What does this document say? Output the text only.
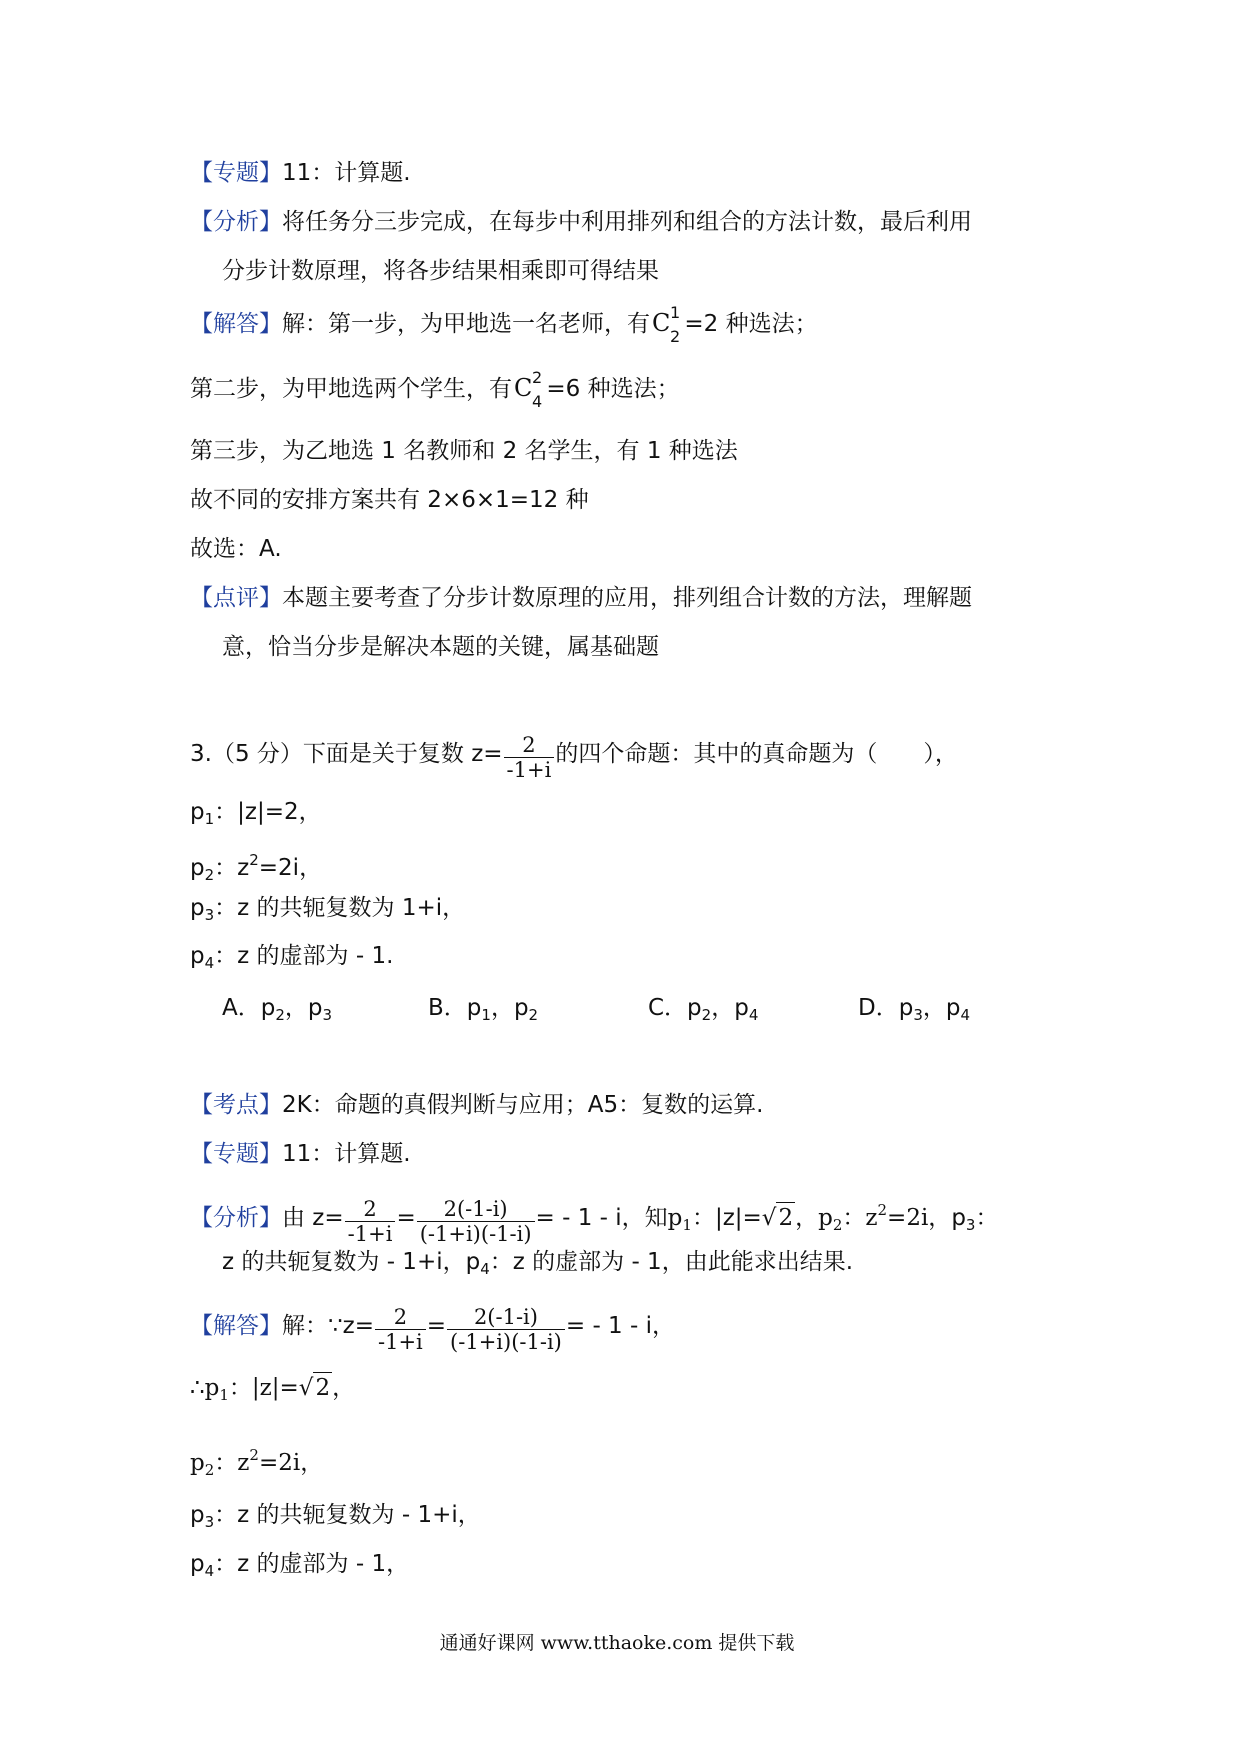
【专题】11：计算题.
【分析】将任务分三步完成，在每步中利用排列和组合的方法计数，最后利用
分步计数原理，将各步结果相乘即可得结果
【解答】解：第一步，为甲地选一名老师，有C 1
2 =2 种选法；
第二步，为甲地选两个学生，有C 2
4 =6 种选法；
第三步，为乙地选 1 名教师和 2 名学生，有 1 种选法
故不同的安排方案共有 2×6×1=12 种
故选：A.
【点评】本题主要考查了分步计数原理的应用，排列组合计数的方法，理解题
意，恰当分步是解决本题的关键，属基础题
3.（5 分）下面是关于复数 $z= \frac{2}{-1+i}$ 的四个命题：其中的真命题为（　　），
$p_1$：|z|=2，
$p_2$：$z^2=2i$，
$p_3$：z 的共轭复数为 1+i，
$p_4$：z 的虚部为 - 1.
A．$p_2$，$p_3$	B．$p_1$，$p_2$	C．$p_2$，$p_4$	D．$p_3$，$p_4$
【考点】2K：命题的真假判断与应用；A5：复数的运算.
【专题】11：计算题.
【分析】由 $z= \frac{2}{-1+i} = \frac{2(-1-i)}{(-1+i)(-1-i)}$ = - 1 - i，知$p_1$：|z|=√2，$p_2$：$z^2=2i$，$p_3$：
z 的共轭复数为 - 1+i，$p_4$：z 的虚部为 - 1，由此能求出结果.
【解答】解：∵z= $\frac{2}{-1+i} = \frac{2(-1-i)}{(-1+i)(-1-i)}$ = - 1 - i，
$\therefore p_1$：|z|=√2，
$p_2$：$z^2=2i$，
$p_3$：z 的共轭复数为 - 1+i，
$p_4$：z 的虚部为 - 1，
通通好课网 www.tthaoke.com 提供下载
